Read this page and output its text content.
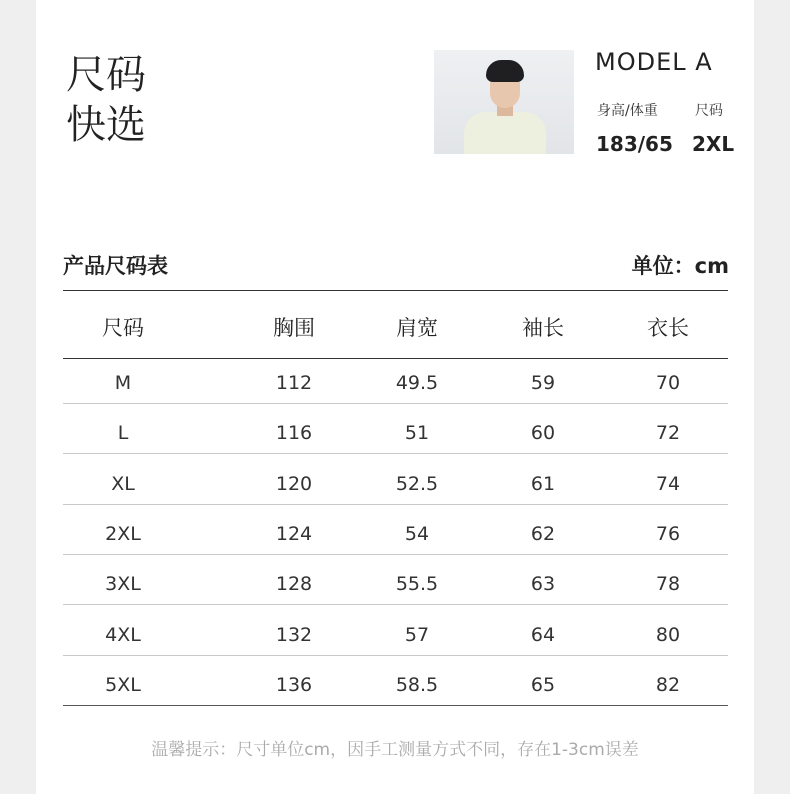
尺码
快选
MODEL A
身高/体重	尺码
183/65 2XL
产品尺码表	单位：cm
尺码	胸围	肩宽	袖长	衣长
M	112	49.5	59	70
L	116	51	60	72
XL	120	52.5	61	74
2XL	124	54	62	76
3XL	128	55.5	63	78
4XL	132	57	64	80
5XL	136	58.5	65	82
温馨提示：尺寸单位cm，因手工测量方式不同，存在1-3cm误差
